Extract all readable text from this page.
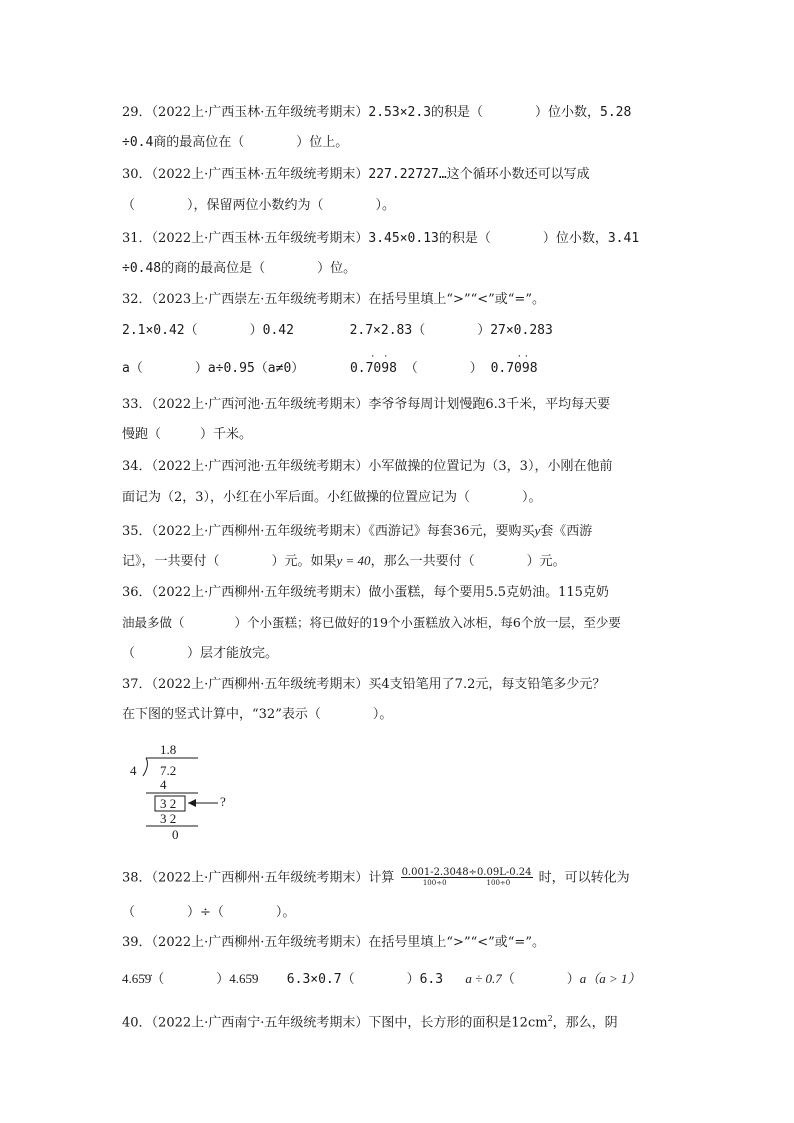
29．（2022上·广西玉林·五年级统考期末）2.53×2.3的积是（　　　　）位小数，5.28
÷0.4商的最高位在（　　　　）位上。
30．（2022上·广西玉林·五年级统考期末）227.22727…这个循环小数还可以写成
（　　　　），保留两位小数约为（　　　　）。
31．（2022上·广西玉林·五年级统考期末）3.45×0.13的积是（　　　　）位小数，3.41
÷0.48的商的最高位是（　　　　）位。
32．（2023上·广西崇左·五年级统考期末）在括号里填上“>”“<”或“=”。
2.1×0.42（　　　　）0.42	2.7×2.83（　　　　）27×0.283
a（　　　　）a÷0.95（a≠0）	0.7098
· ·
（　　　　） 0.7098
· ·
33．（2022上·广西河池·五年级统考期末）李爷爷每周计划慢跑6.3千米，平均每天要
慢跑（　　　）千米。
34．（2022上·广西河池·五年级统考期末）小军做操的位置记为（3，3），小刚在他前
面记为（2，3），小红在小军后面。小红做操的位置应记为（　　　　）。
35．（2022上·广西柳州·五年级统考期末）《西游记》每套36元，要购买y套《西游
记》，一共要付（　　　　）元。如果y = 40，那么一共要付（　　　　）元。
36．（2022上·广西柳州·五年级统考期末）做小蛋糕，每个要用5.5克奶油。115克奶
油最多做（　　　　）个小蛋糕；将已做好的19个小蛋糕放入冰柜，每6个放一层，至少要
（　　　　）层才能放完。
37．（2022上·广西柳州·五年级统考期末）买4支铅笔用了7.2元，每支铅笔多少元？
在下图的竖式计算中，“32”表示（　　　　）。
1.8
4 7.2
4
3 2	?
3 2
0
38．（2022上·广西柳州·五年级统考期末）计算 0.001-2.3048÷0.09L-0.24
100÷0	100÷0 时，可以转化为
（　　　　）÷（　　　　）。
39．（2022上·广西柳州·五年级统考期末）在括号里填上“>”“<”或“=”。
4.65̇9̇（　　　　）4.65̇9 6.3×0.7（　　　　）6.3 a ÷ 0.7（　　　　）a（a > 1）
40．（2022上·广西南宁·五年级统考期末）下图中，长方形的面积是$12cm^2$，那么，阴
